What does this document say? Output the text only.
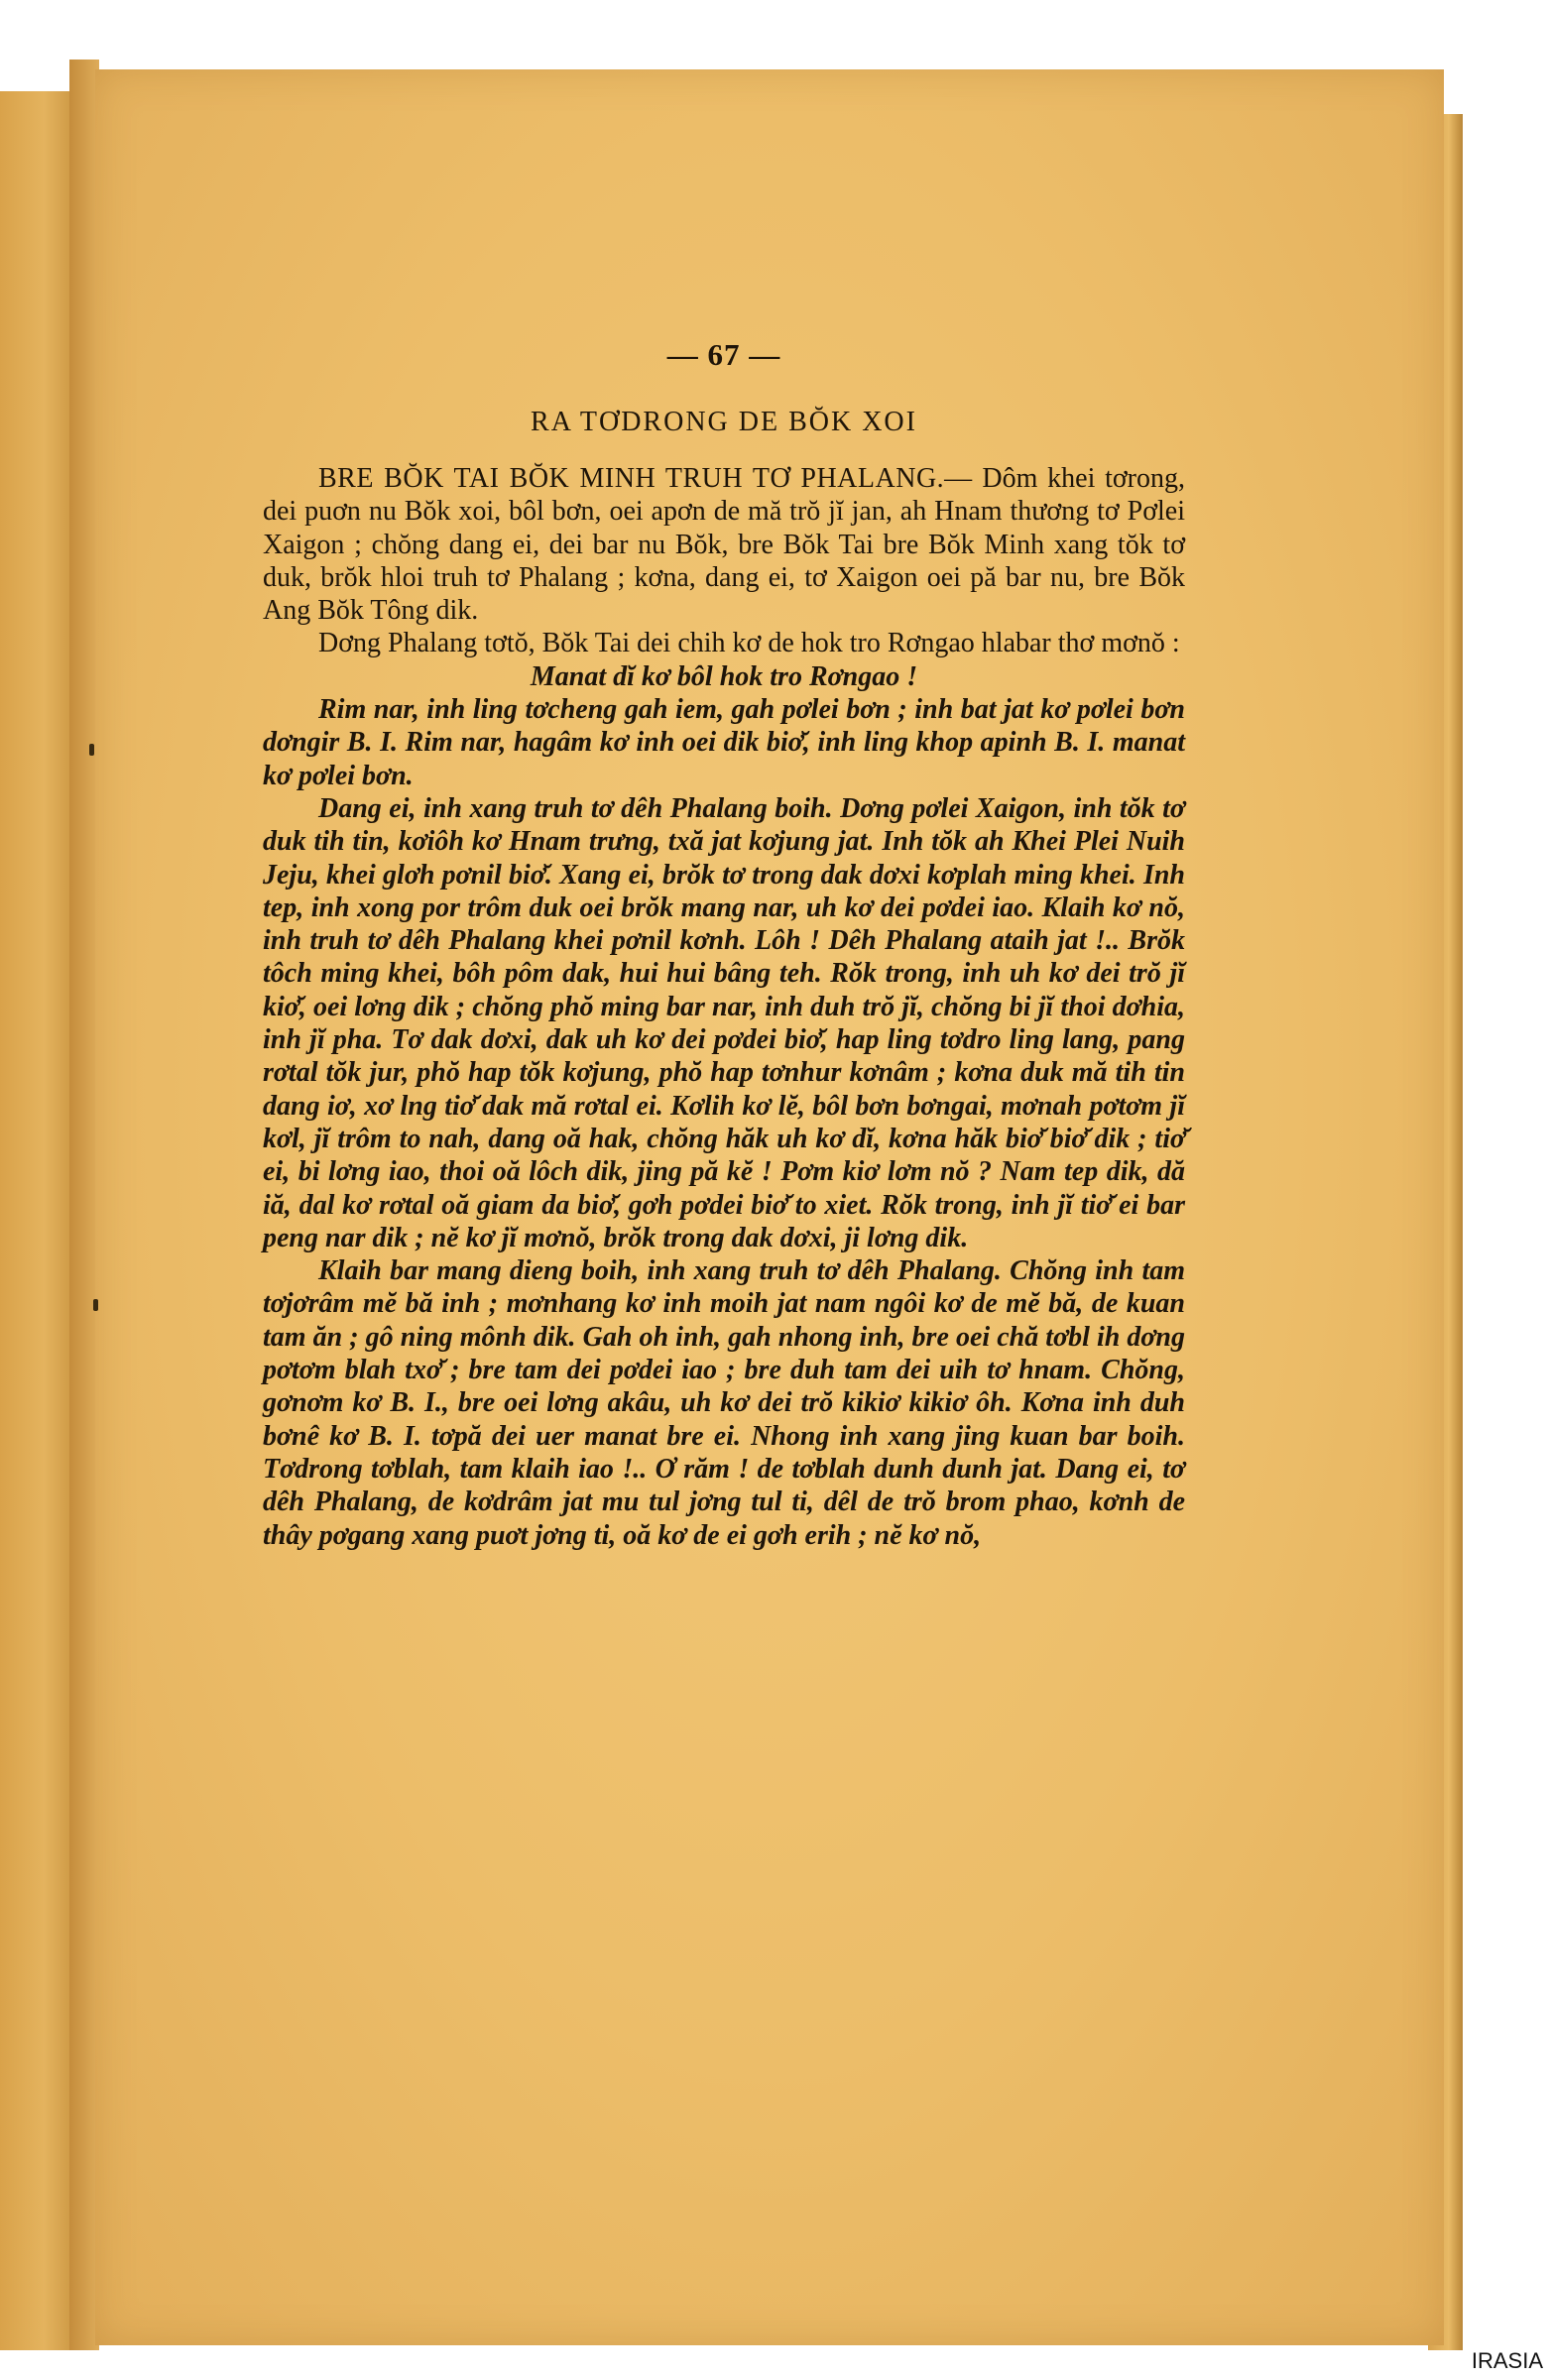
— 67 —
RA TƠDRONG DE BŎK XOI

BRE BŎK TAI BŎK MINH TRUH TƠ PHALANG.— Dôm khei tơrong, dei puơn nu Bŏk xoi, bôl bơn, oei apơn de mă trŏ jĭ jan, ah Hnam thương tơ Pơlei Xaigon ; chŏng dang ei, dei bar nu Bŏk, bre Bŏk Tai bre Bŏk Minh xang tŏk tơ duk, brŏk hloi truh tơ Phalang ; kơna, dang ei, tơ Xaigon oei pă bar nu, bre Bŏk Ang Bŏk Tông dik.

Dơng Phalang tơtŏ, Bŏk Tai dei chih kơ de hok tro Rơngao hlabar thơ mơnŏ :

Manat dĭ kơ bôl hok tro Rơngao !

Rim nar, inh ling tơcheng gah iem, gah pơlei bơn ; inh bat jat kơ pơlei bơn dơngir B. I. Rim nar, hagâm kơ inh oei dik biơ̆, inh ling khop apinh B. I. manat kơ pơlei bơn.

Dang ei, inh xang truh tơ dêh Phalang boih. Dơng pơlei Xaigon, inh tŏk tơ duk tih tin, kơiôh kơ Hnam trưng, txă jat kơjung jat. Inh tŏk ah Khei Plei Nuih Jeju, khei glơh pơnil biơ̆. Xang ei, brŏk tơ trong dak dơxi kơplah ming khei. Inh tep, inh xong por trôm duk oei brŏk mang nar, uh kơ dei pơdei iao. Klaih kơ nŏ, inh truh tơ dêh Phalang khei pơnil kơnh. Lôh ! Dêh Phalang ataih jat !.. Brŏk tôch ming khei, bôh pôm dak, hui hui bâng teh. Rŏk trong, inh uh kơ dei trŏ jĭ kiơ̆, oei lơng dik ; chŏng phŏ ming bar nar, inh duh trŏ jĭ, chŏng bi jĭ thoi dơhia, inh jĭ pha. Tơ dak dơxi, dak uh kơ dei pơdei biơ̆, hap ling tơdro ling lang, pang rơtal tŏk jur, phŏ hap tŏk kơjung, phŏ hap tơnhur kơnâm ; kơna duk mă tih tin dang iơ, xơ lng tiơ̆ dak mă rơtal ei. Kơlih kơ lĕ, bôl bơn bơngai, mơnah pơtơm jĭ kơl, jĭ trôm to nah, dang oă hak, chŏng hăk uh kơ dĭ, kơna hăk biơ̆ biơ̆ dik ; tiơ̆ ei, bi lơng iao, thoi oă lôch dik, jing pă kĕ ! Pơm kiơ lơm nŏ ? Nam tep dik, dă iă, dal kơ rơtal oă giam da biơ̆, gơh pơdei biơ̆ to xiet. Rŏk trong, inh jĭ tiơ̆ ei bar peng nar dik ; nĕ kơ jĭ mơnŏ, brŏk trong dak dơxi, ji lơng dik.

Klaih bar mang dieng boih, inh xang truh tơ dêh Phalang. Chŏng inh tam tơjơrâm mĕ bă inh ; mơnhang kơ inh moih jat nam ngôi kơ de mĕ bă, de kuan tam ăn ; gô ning mônh dik. Gah oh inh, gah nhong inh, bre oei chă tơbl ih dơng pơtơm blah txơ̆ ; bre tam dei pơdei iao ; bre duh tam dei uih tơ hnam. Chŏng, gơnơm kơ B. I., bre oei lơng akâu, uh kơ dei trŏ kikiơ kikiơ ôh. Kơna inh duh bơnê kơ B. I. tơpă dei uer manat bre ei. Nhong inh xang jing kuan bar boih. Tơdrong tơblah, tam klaih iao !.. Ơ răm ! de tơblah dunh dunh jat. Dang ei, tơ dêh Phalang, de kơdrâm jat mu tul jơng tul ti, dêl de trŏ brom phao, kơnh de thây pơgang xang puơt jơng ti, oă kơ de ei gơh erih ; nĕ kơ nŏ,

IRASIA
